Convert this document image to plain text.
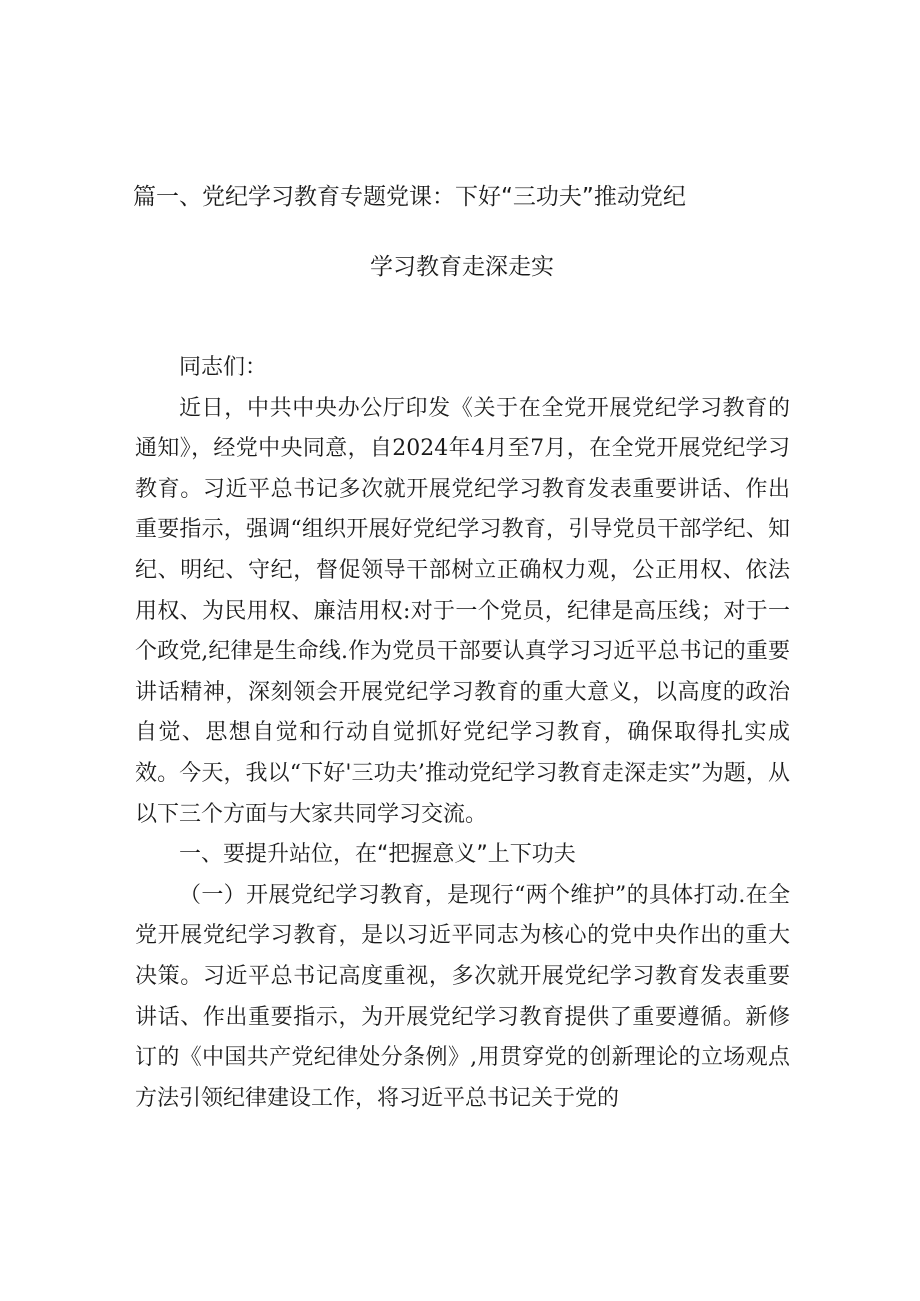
篇一、党纪学习教育专题党课：下好“三功夫”推动党纪
学习教育走深走实

同志们：

近日，中共中央办公厅印发《关于在全党开展党纪学习教育的通知》，经党中央同意，自2024年4月至7月，在全党开展党纪学习教育。习近平总书记多次就开展党纪学习教育发表重要讲话、作出重要指示，强调“组织开展好党纪学习教育，引导党员干部学纪、知纪、明纪、守纪，督促领导干部树立正确权力观，公正用权、依法用权、为民用权、廉洁用权:对于一个党员，纪律是高压线；对于一个政党,纪律是生命线.作为党员干部要认真学习习近平总书记的重要讲话精神，深刻领会开展党纪学习教育的重大意义，以高度的政治自觉、思想自觉和行动自觉抓好党纪学习教育，确保取得扎实成效。今天，我以“下好'三功夫’推动党纪学习教育走深走实”为题，从以下三个方面与大家共同学习交流。

一、要提升站位，在“把握意义”上下功夫

（一）开展党纪学习教育，是现行“两个维护”的具体打动.在全党开展党纪学习教育，是以习近平同志为核心的党中央作出的重大决策。习近平总书记高度重视，多次就开展党纪学习教育发表重要讲话、作出重要指示，为开展党纪学习教育提供了重要遵循。新修订的《中国共产党纪律处分条例》,用贯穿党的创新理论的立场观点方法引领纪律建设工作，将习近平总书记关于党的
